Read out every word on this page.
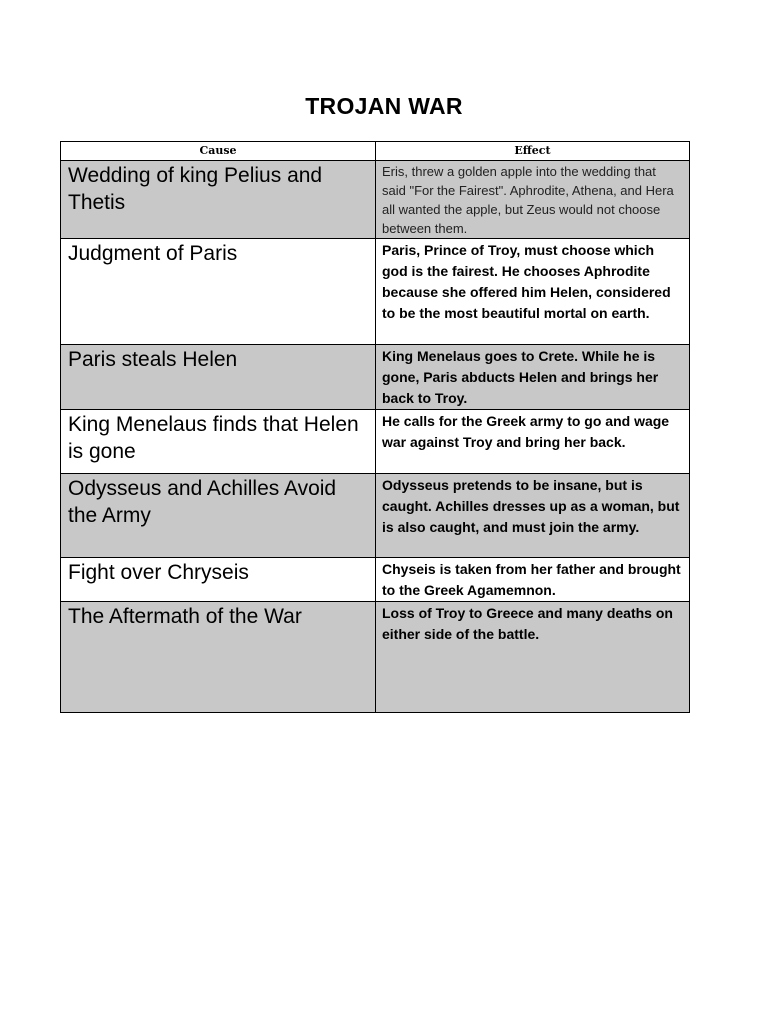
TROJAN WAR
Cause	Effect
Wedding of king Pelius and Thetis	Eris, threw a golden apple into the wedding that said "For the Fairest". Aphrodite, Athena, and Hera all wanted the apple, but Zeus would not choose between them.
Judgment of Paris	Paris, Prince of Troy, must choose which god is the fairest. He chooses Aphrodite because she offered him Helen, considered to be the most beautiful mortal on earth.
Paris steals Helen	King Menelaus goes to Crete. While he is gone, Paris abducts Helen and brings her back to Troy.
King Menelaus finds that Helen is gone	He calls for the Greek army to go and wage war against Troy and bring her back.
Odysseus and Achilles Avoid the Army	Odysseus pretends to be insane, but is caught. Achilles dresses up as a woman, but is also caught, and must join the army.
Fight over Chryseis	Chyseis is taken from her father and brought to the Greek Agamemnon.
The Aftermath of the War	Loss of Troy to Greece and many deaths on either side of the battle.
